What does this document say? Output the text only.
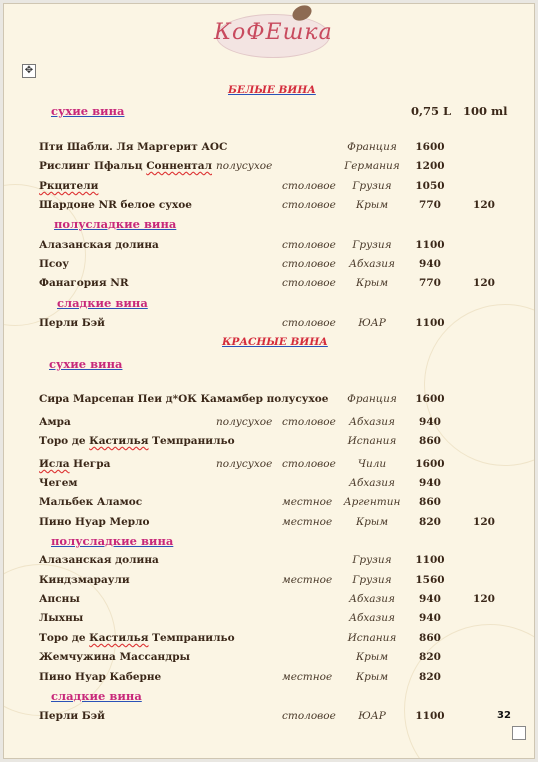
КоФЕшка
✥
БЕЛЫЕ ВИНА
сухие вина	0,75 L 100 ml
полусладкие вина
сладкие вина
КРАСНЫЕ ВИНА
сухие вина
полусладкие вина
сладкие вина
32
Пти Шабли. Ля Маргерит АОС	Франция	1600
Рислинг Пфальц Соннентал полусухое	Германия	1200
Ркцители	столовое	Грузия	1050
Шардоне NR белое сухое	столовое	Крым	770	120
Алазанская долина	столовое	Грузия	1100
Псоу	столовое	Абхазия	940
Фанагория NR	столовое	Крым	770	120
Перли Бэй	столовое	ЮАР	1100
Сира Марсепан Пеи д*ОК Камамбер полусухое	Франция	1600
Амра	полусухое столовое	Абхазия	940
Торо де Кастилья Темпранильо	Испания	860
Исла Негра	полусухое столовое	Чили	1600
Чегем	Абхазия	940
Мальбек Аламос	местное	Аргентин	860
Пино Нуар Мерло	местное	Крым	820	120
Алазанская долина	Грузия	1100
Киндзмараули	местное	Грузия	1560
Апсны	Абхазия	940	120
Лыхны	Абхазия	940
Торо де Кастилья Темпранильо	Испания	860
Жемчужина Массандры	Крым	820
Пино Нуар Каберне	местное	Крым	820
Перли Бэй	столовое	ЮАР	1100
